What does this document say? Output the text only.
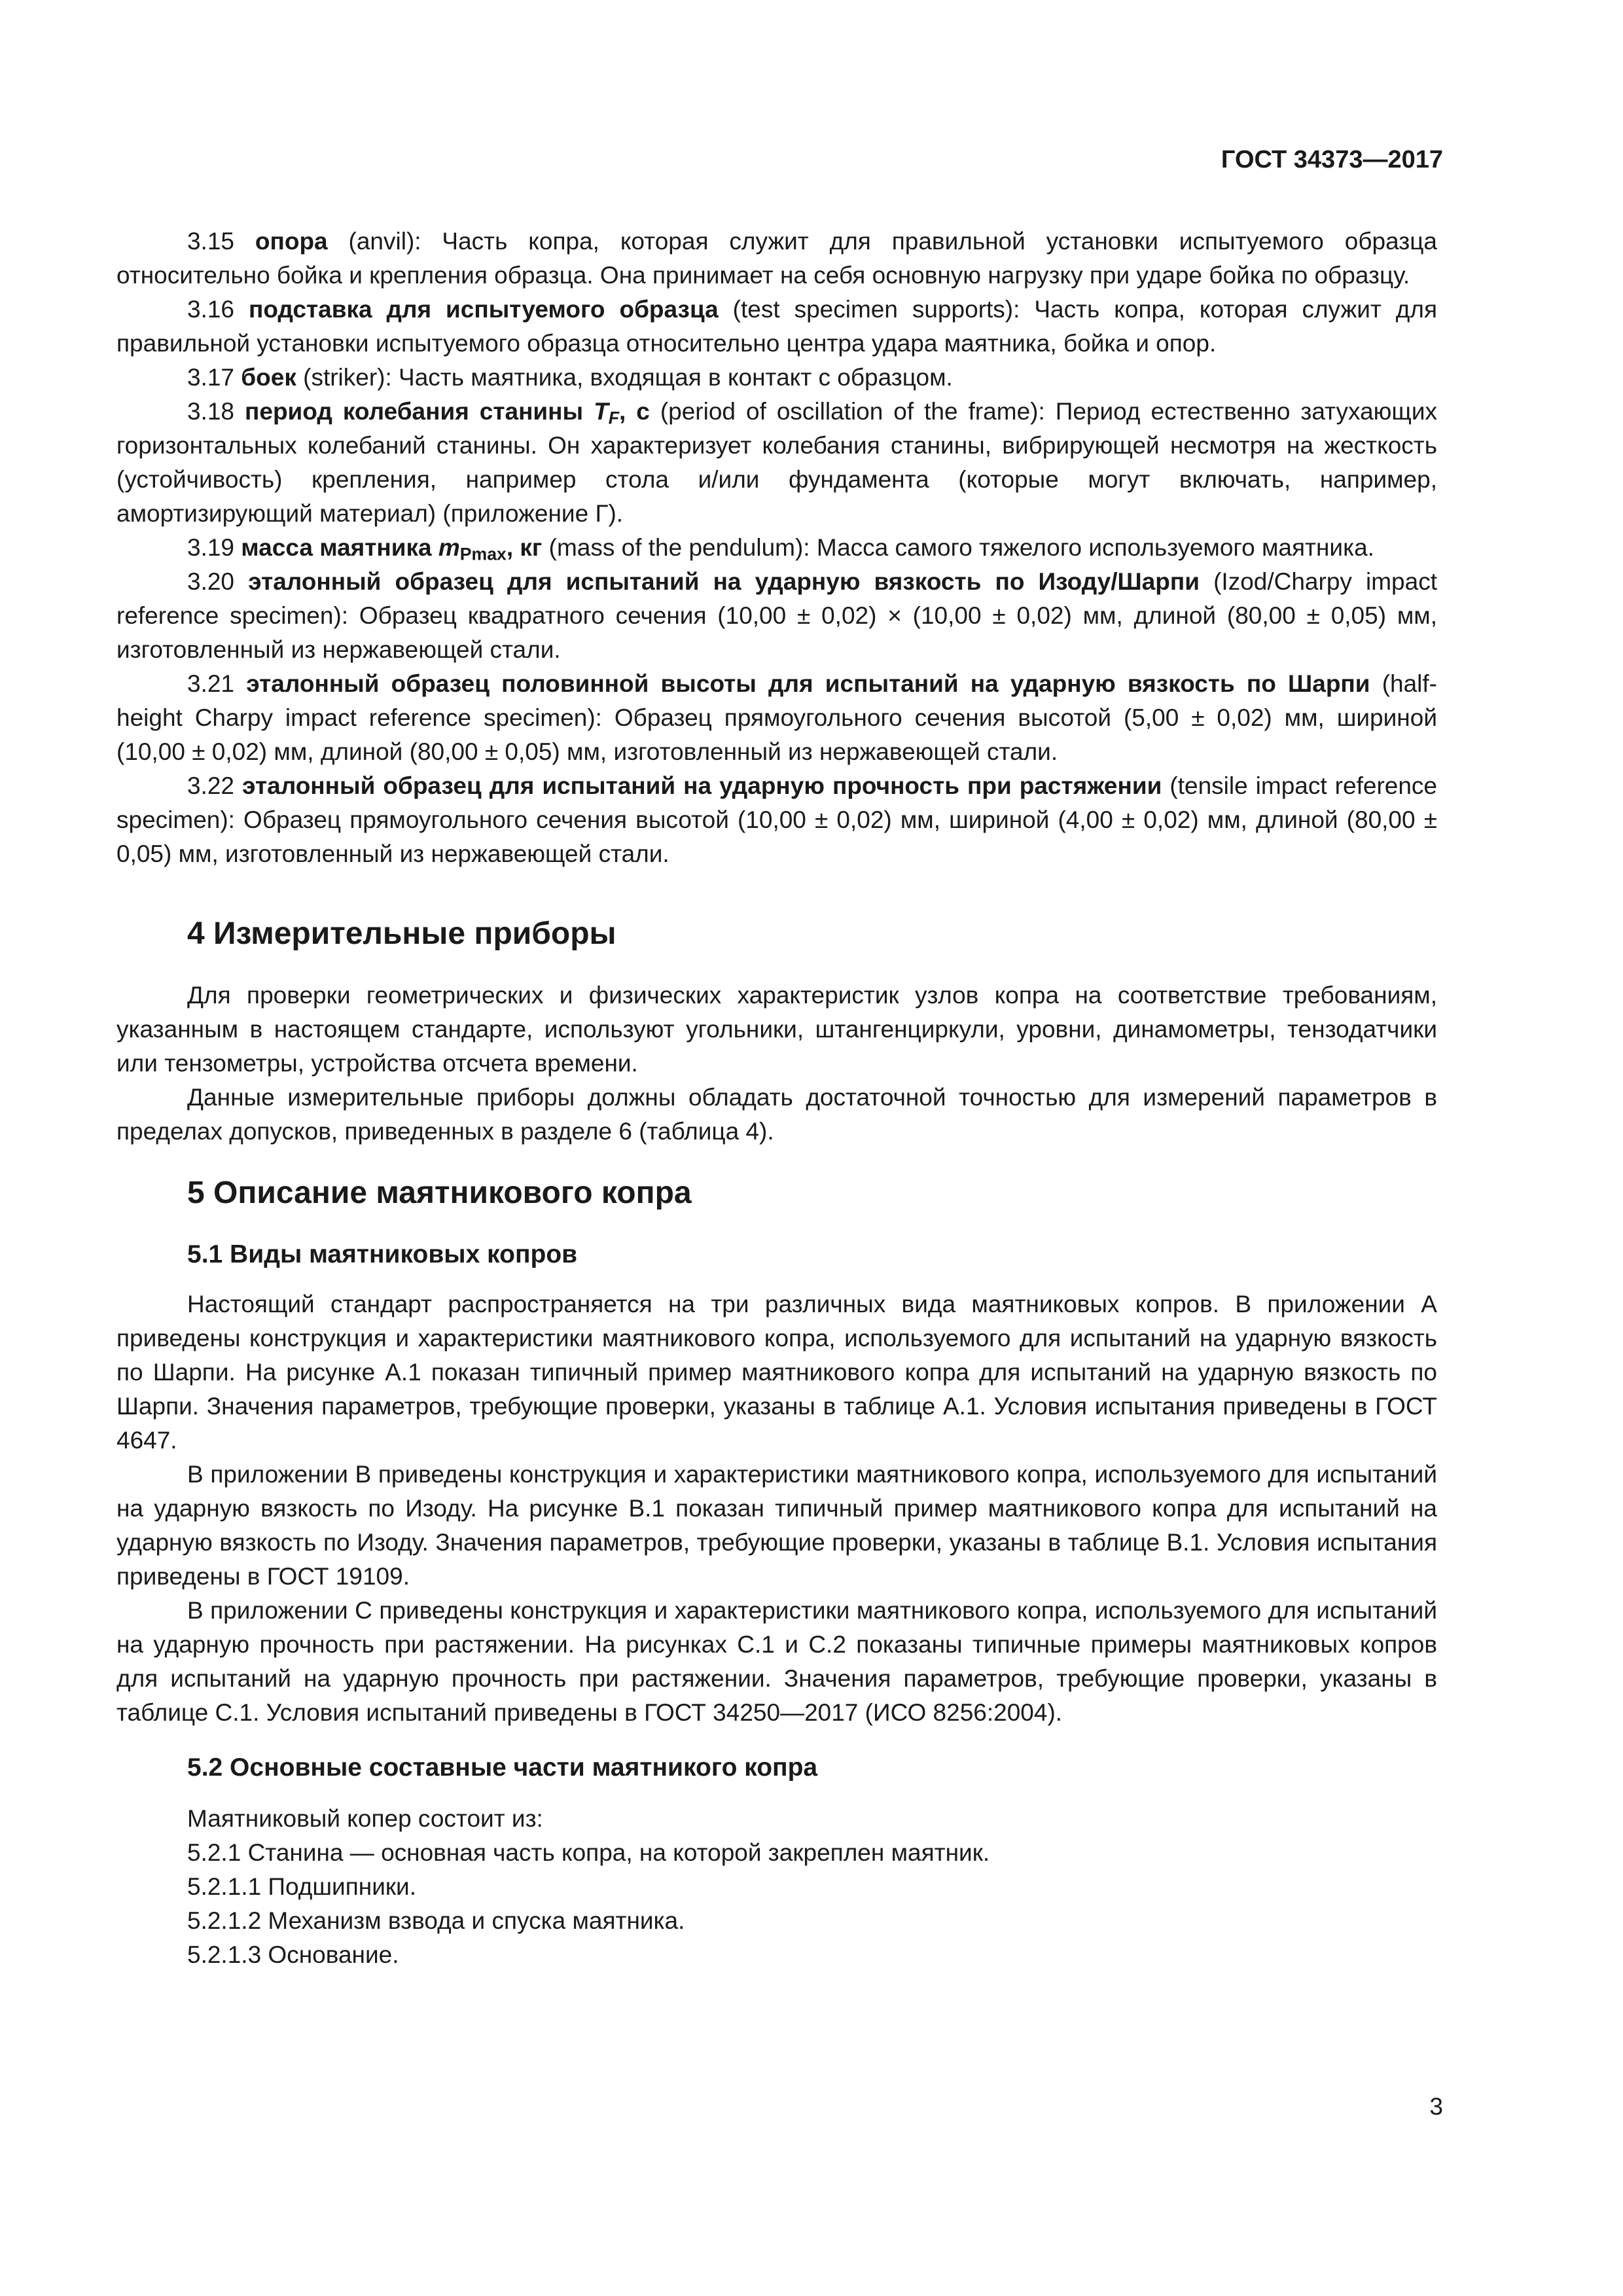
ГОСТ 34373—2017

3.15 опора (anvil): Часть копра, которая служит для правильной установки испытуемого образца относительно бойка и крепления образца. Она принимает на себя основную нагрузку при ударе бойка по образцу.

3.16 подставка для испытуемого образца (test specimen supports): Часть копра, которая служит для правильной установки испытуемого образца относительно центра удара маятника, бойка и опор.

3.17 боек (striker): Часть маятника, входящая в контакт с образцом.

3.18 период колебания станины $T_F$, с (period of oscillation of the frame): Период естественно затухающих горизонтальных колебаний станины. Он характеризует колебания станины, вибрирующей несмотря на жесткость (устойчивость) крепления, например стола и/или фундамента (которые могут включать, например, амортизирующий материал) (приложение Г).

3.19 масса маятника $m_{Pmax}$, кг (mass of the pendulum): Масса самого тяжелого используемого маятника.

3.20 эталонный образец для испытаний на ударную вязкость по Изоду/Шарпи (Izod/Charpy impact reference specimen): Образец квадратного сечения (10,00 ± 0,02) × (10,00 ± 0,02) мм, длиной (80,00 ± 0,05) мм, изготовленный из нержавеющей стали.

3.21 эталонный образец половинной высоты для испытаний на ударную вязкость по Шарпи (half-height Charpy impact reference specimen): Образец прямоугольного сечения высотой (5,00 ± 0,02) мм, шириной (10,00 ± 0,02) мм, длиной (80,00 ± 0,05) мм, изготовленный из нержавеющей стали.

3.22 эталонный образец для испытаний на ударную прочность при растяжении (tensile impact reference specimen): Образец прямоугольного сечения высотой (10,00 ± 0,02) мм, шириной (4,00 ± 0,02) мм, длиной (80,00 ± 0,05) мм, изготовленный из нержавеющей стали.

4 Измерительные приборы

Для проверки геометрических и физических характеристик узлов копра на соответствие требованиям, указанным в настоящем стандарте, используют угольники, штангенциркули, уровни, динамометры, тензодатчики или тензометры, устройства отсчета времени.

Данные измерительные приборы должны обладать достаточной точностью для измерений параметров в пределах допусков, приведенных в разделе 6 (таблица 4).

5 Описание маятникового копра
5.1 Виды маятниковых копров

Настоящий стандарт распространяется на три различных вида маятниковых копров. В приложении А приведены конструкция и характеристики маятникового копра, используемого для испытаний на ударную вязкость по Шарпи. На рисунке А.1 показан типичный пример маятникового копра для испытаний на ударную вязкость по Шарпи. Значения параметров, требующие проверки, указаны в таблице А.1. Условия испытания приведены в ГОСТ 4647.

В приложении В приведены конструкция и характеристики маятникового копра, используемого для испытаний на ударную вязкость по Изоду. На рисунке В.1 показан типичный пример маятникового копра для испытаний на ударную вязкость по Изоду. Значения параметров, требующие проверки, указаны в таблице В.1. Условия испытания приведены в ГОСТ 19109.

В приложении С приведены конструкция и характеристики маятникового копра, используемого для испытаний на ударную прочность при растяжении. На рисунках С.1 и С.2 показаны типичные примеры маятниковых копров для испытаний на ударную прочность при растяжении. Значения параметров, требующие проверки, указаны в таблице С.1. Условия испытаний приведены в ГОСТ 34250—2017 (ИСО 8256:2004).

5.2 Основные составные части маятникого копра

Маятниковый копер состоит из:

5.2.1 Станина — основная часть копра, на которой закреплен маятник.

5.2.1.1 Подшипники.

5.2.1.2 Механизм взвода и спуска маятника.

5.2.1.3 Основание.

3
